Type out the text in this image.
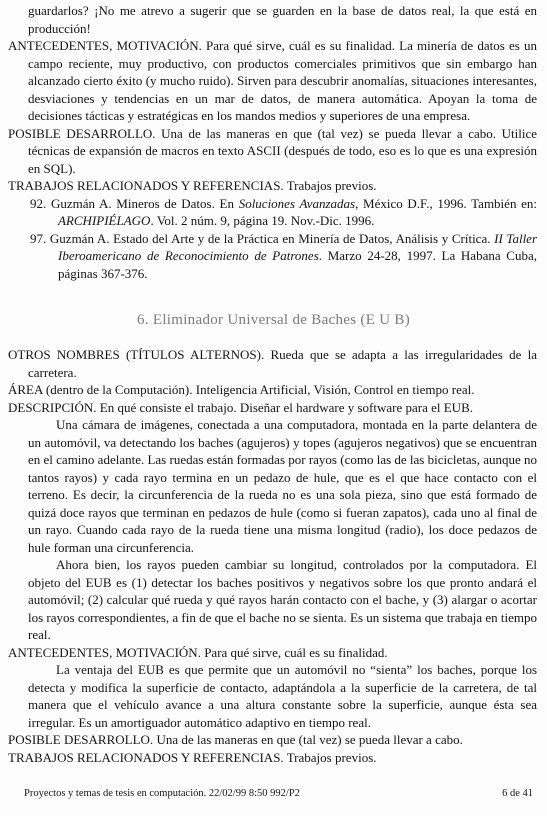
guardarlos? ¡No me atrevo a sugerir que se guarden en la base de datos real, la que está en producción!

ANTECEDENTES, MOTIVACIÓN. Para qué sirve, cuál es su finalidad. La minería de datos es un campo reciente, muy productivo, con productos comerciales primitivos que sin embargo han alcanzado cierto éxito (y mucho ruido). Sirven para descubrir anomalías, situaciones interesantes, desviaciones y tendencias en un mar de datos, de manera automática. Apoyan la toma de decisiones tácticas y estratégicas en los mandos medios y superiores de una empresa.

POSIBLE DESARROLLO. Una de las maneras en que (tal vez) se pueda llevar a cabo. Utilice técnicas de expansión de macros en texto ASCII (después de todo, eso es lo que es una expresión en SQL).

TRABAJOS RELACIONADOS Y REFERENCIAS. Trabajos previos.

92. Guzmán A. Mineros de Datos. En Soluciones Avanzadas, México D.F., 1996. También en: ARCHIPIÉLAGO. Vol. 2 núm. 9, página 19. Nov.-Dic. 1996.

97. Guzmán A. Estado del Arte y de la Práctica en Minería de Datos, Análisis y Crítica. II Taller Iberoamericano de Reconocimiento de Patrones. Marzo 24-28, 1997. La Habana Cuba, páginas 367-376.

6. Eliminador Universal de Baches (E U B)

OTROS NOMBRES (TÍTULOS ALTERNOS). Rueda que se adapta a las irregularidades de la carretera.

ÁREA (dentro de la Computación). Inteligencia Artificial, Visión, Control en tiempo real.

DESCRIPCIÓN. En qué consiste el trabajo. Diseñar el hardware y software para el EUB.

Una cámara de imágenes, conectada a una computadora, montada en la parte delantera de un automóvil, va detectando los baches (agujeros) y topes (agujeros negativos) que se encuentran en el camino adelante. Las ruedas están formadas por rayos (como las de las bicicletas, aunque no tantos rayos) y cada rayo termina en un pedazo de hule, que es el que hace contacto con el terreno. Es decir, la circunferencia de la rueda no es una sola pieza, sino que está formado de quizá doce rayos que terminan en pedazos de hule (como si fueran zapatos), cada uno al final de un rayo. Cuando cada rayo de la rueda tiene una misma longitud (radio), los doce pedazos de hule forman una circunferencia.

Ahora bien, los rayos pueden cambiar su longitud, controlados por la computadora. El objeto del EUB es (1) detectar los baches positivos y negativos sobre los que pronto andará el automóvil; (2) calcular qué rueda y qué rayos harán contacto con el bache, y (3) alargar o acortar los rayos correspondientes, a fin de que el bache no se sienta. Es un sistema que trabaja en tiempo real.

ANTECEDENTES, MOTIVACIÓN. Para qué sirve, cuál es su finalidad.

La ventaja del EUB es que permite que un automóvil no “sienta” los baches, porque los detecta y modifica la superficie de contacto, adaptándola a la superficie de la carretera, de tal manera que el vehículo avance a una altura constante sobre la superficie, aunque ésta sea irregular. Es un amortiguador automático adaptivo en tiempo real.

POSIBLE DESARROLLO. Una de las maneras en que (tal vez) se pueda llevar a cabo.

TRABAJOS RELACIONADOS Y REFERENCIAS. Trabajos previos.

Proyectos y temas de tesis en computación. 22/02/99 8:50 992/P2	6 de 41
